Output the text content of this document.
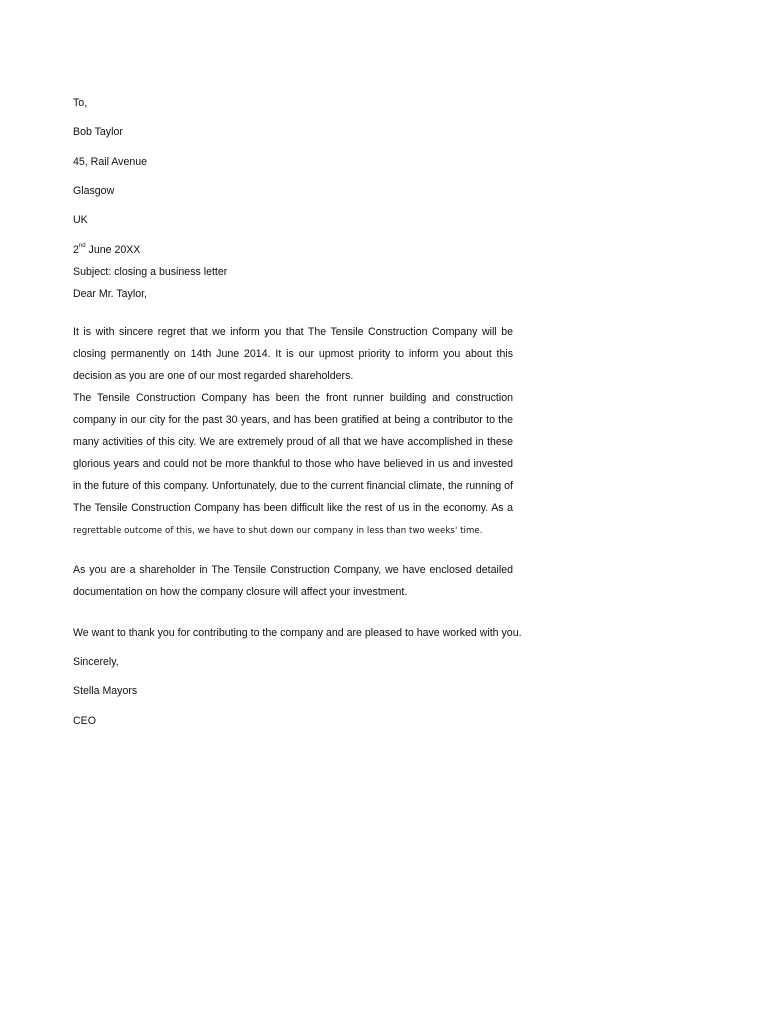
To,

Bob Taylor

45, Rail Avenue

Glasgow

UK

2nd June 20XX

Subject: closing a business letter

Dear Mr. Taylor,

It is with sincere regret that we inform you that The Tensile Construction Company will be closing permanently on 14th June 2014. It is our upmost priority to inform you about this decision as you are one of our most regarded shareholders.

The Tensile Construction Company has been the front runner building and construction company in our city for the past 30 years, and has been gratified at being a contributor to the many activities of this city. We are extremely proud of all that we have accomplished in these glorious years and could not be more thankful to those who have believed in us and invested in the future of this company. Unfortunately, due to the current financial climate, the running of The Tensile Construction Company has been difficult like the rest of us in the economy. As a

regrettable outcome of this, we have to shut down our company in less than two weeks' time.

As you are a shareholder in The Tensile Construction Company, we have enclosed detailed documentation on how the company closure will affect your investment.

We want to thank you for contributing to the company and are pleased to have worked with you.

Sincerely,

Stella Mayors

CEO
